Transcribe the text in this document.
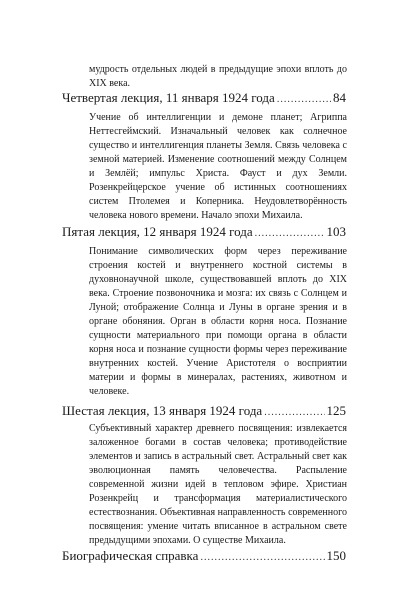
мудрость отдельных людей в предыдущие эпохи вплоть до XIX века.

Четвертая лекция, 11 января 1924 года .....	84

Учение об интеллигенции и демоне планет; Агриппа Неттесгеймский. Изначальный человек как солнечное существо и интеллигенция планеты Земля. Связь человека с земной материей. Изменение соотношений между Солнцем и Землёй; импульс Христа. Фауст и дух Земли. Розенкрейцерское учение об истинных соотношениях систем Птолемея и Коперника. Неудовлетворённость человека нового времени. Начало эпохи Михаила.

Пятая лекция, 12 января 1924 года .....	103

Понимание символических форм через переживание строения костей и внутреннего костной системы в духовнонаучной школе, существовавшей вплоть до XIX века. Строение позвоночника и мозга: их связь с Солнцем и Луной; отображение Солнца и Луны в органе зрения и в органе обоняния. Орган в области корня носа. Познание сущности материального при помощи органа в области корня носа и познание сущности формы через переживание внутренних костей. Учение Аристотеля о восприятии материи и формы в минералах, растениях, животном и человеке.

Шестая лекция, 13 января 1924 года .....	125

Субъективный характер древнего посвящения: извлекается заложенное богами в состав человека; противодействие элементов и запись в астральный свет. Астральный свет как эволюционная память человечества. Распыление современной жизни идей в тепловом эфире. Христиан Розенкрейц и трансформация материалистического естествознания. Объективная направленность современного посвящения: умение читать вписанное в астральном свете предыдущими эпохами. О существе Михаила.

Биографическая справка .....	150
